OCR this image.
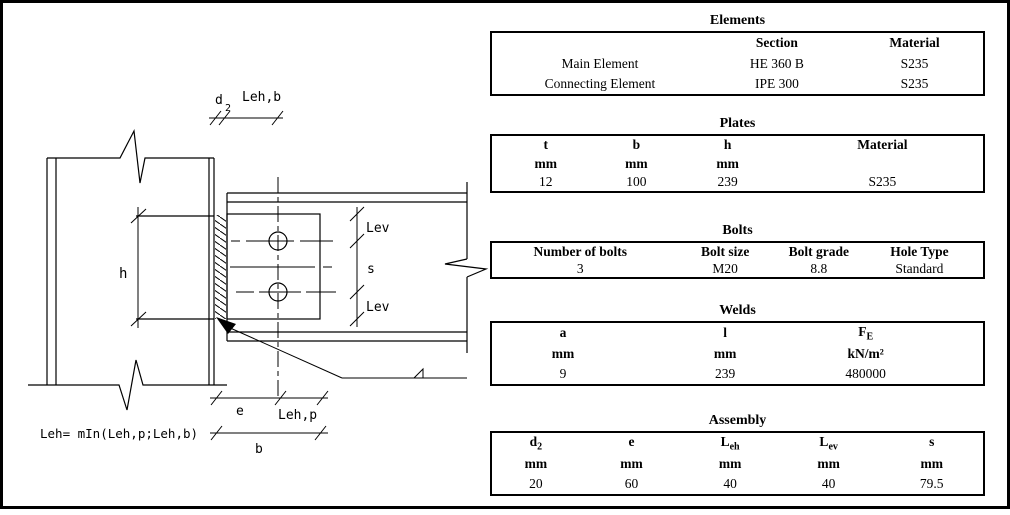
d
2
Leh,b
h
Lev
s
Lev
e	Leh,p
b
Leh= mIn(Leh,p;Leh,b)
Elements
	Section	Material
Main Element	HE 360 B	S235
Connecting Element	IPE 300	S235
Plates
t	b	h	Material
mm	mm	mm	
12	100	239	S235
Bolts
Number of bolts	Bolt size	Bolt grade	Hole Type
3	M20	8.8	Standard
Welds
a	l	$F_E$	
mm	mm	kN/m²	
9	239	480000	
Assembly
$d_2$	e	$L_{eh}$	$L_{ev}$	s
mm	mm	mm	mm	mm
20	60	40	40	79.5
